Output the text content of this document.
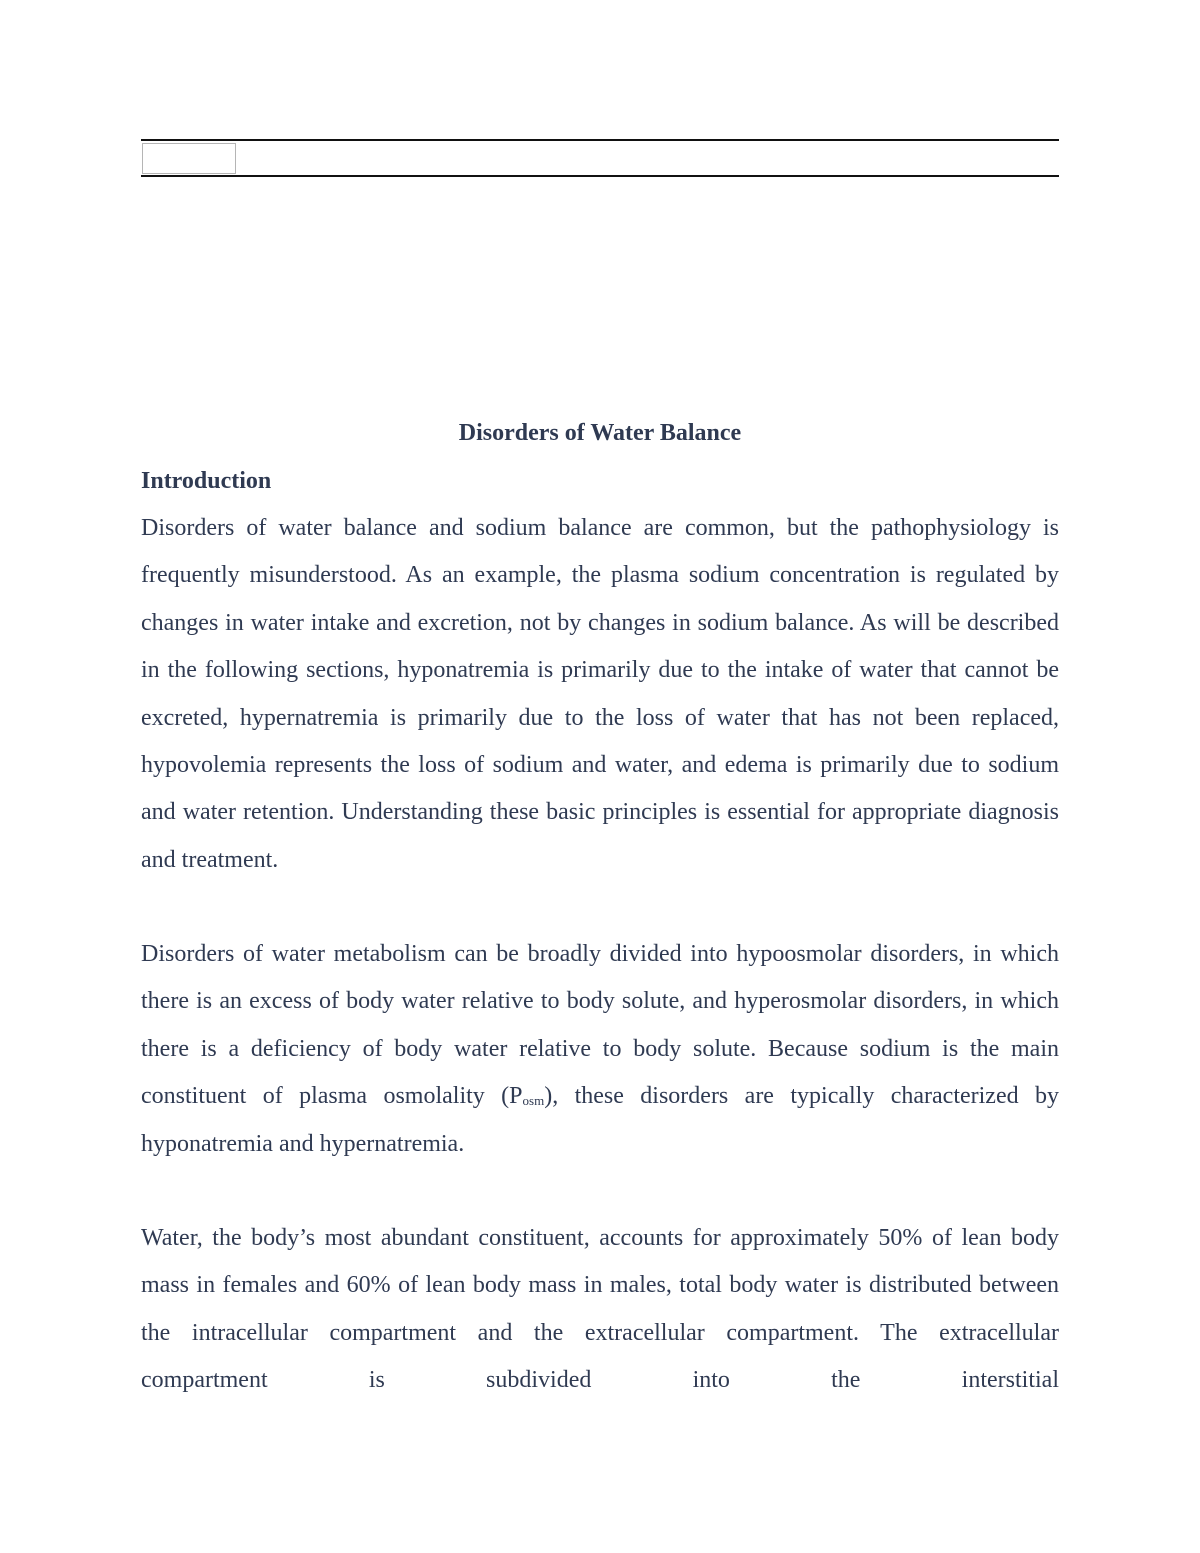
Disorders of Water Balance
Introduction

Disorders of water balance and sodium balance are common, but the pathophysiology is frequently misunderstood. As an example, the plasma sodium concentration is regulated by changes in water intake and excretion, not by changes in sodium balance. As will be described in the following sections, hyponatremia is primarily due to the intake of water that cannot be excreted, hypernatremia is primarily due to the loss of water that has not been replaced, hypovolemia represents the loss of sodium and water, and edema is primarily due to sodium and water retention. Understanding these basic principles is essential for appropriate diagnosis and treatment.

Disorders of water metabolism can be broadly divided into hypoosmolar disorders, in which there is an excess of body water relative to body solute, and hyperosmolar disorders, in which there is a deficiency of body water relative to body solute. Because sodium is the main constituent of plasma osmolality $(P_{osm})$, these disorders are typically characterized by hyponatremia and hypernatremia.

Water, the body’s most abundant constituent, accounts for approximately 50% of lean body mass in females and 60% of lean body mass in males, total body water is distributed between the intracellular compartment and the extracellular compartment. The extracellular compartment is subdivided into the interstitial
